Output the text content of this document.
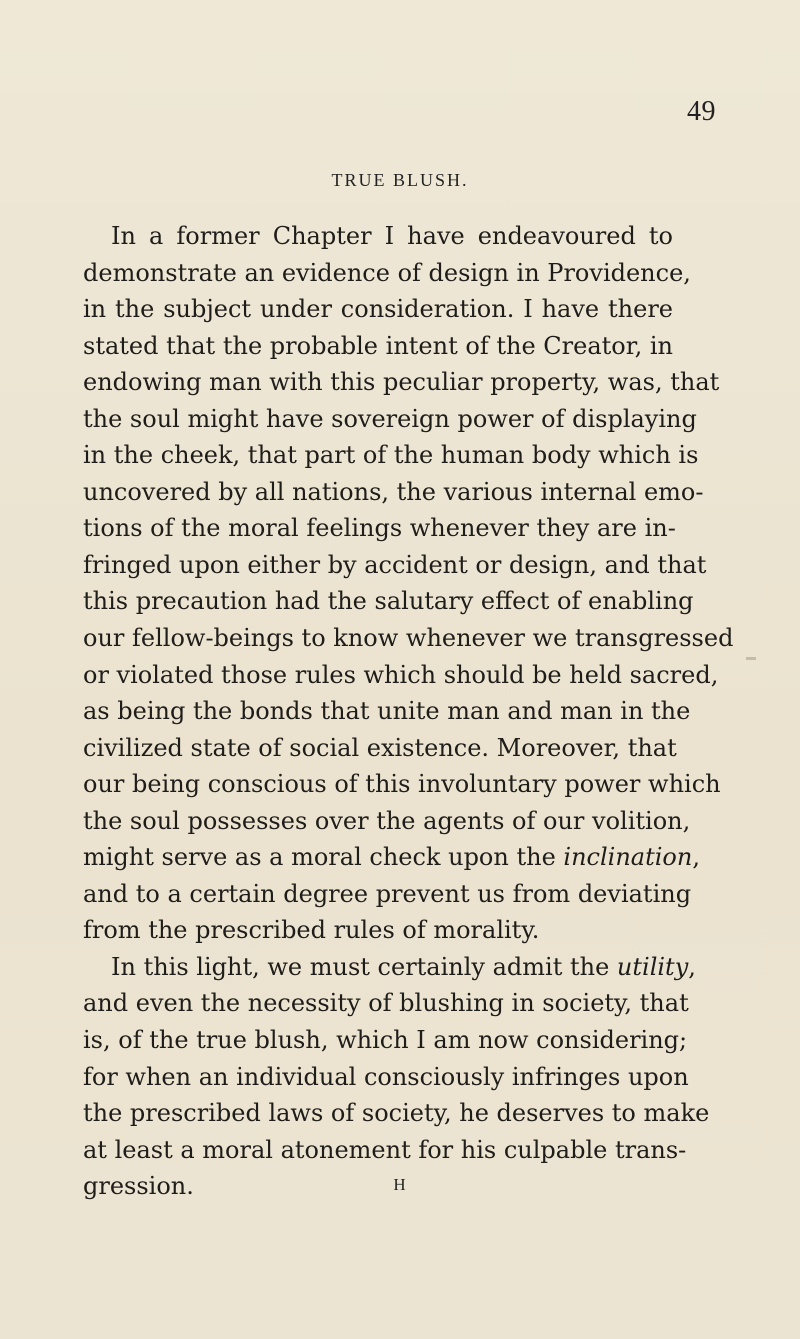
49
TRUE BLUSH.
In a former Chapter I have endeavoured to
demonstrate an evidence of design in Providence,
in the subject under consideration. I have there
stated that the probable intent of the Creator, in
endowing man with this peculiar property, was, that
the soul might have sovereign power of displaying
in the cheek, that part of the human body which is
uncovered by all nations, the various internal emo-
tions of the moral feelings whenever they are in-
fringed upon either by accident or design, and that
this precaution had the salutary effect of enabling
our fellow-beings to know whenever we transgressed
or violated those rules which should be held sacred,
as being the bonds that unite man and man in the
civilized state of social existence. Moreover, that
our being conscious of this involuntary power which
the soul possesses over the agents of our volition,
might serve as a moral check upon the inclination,
and to a certain degree prevent us from deviating
from the prescribed rules of morality.
In this light, we must certainly admit the utility,
and even the necessity of blushing in society, that
is, of the true blush, which I am now considering;
for when an individual consciously infringes upon
the prescribed laws of society, he deserves to make
at least a moral atonement for his culpable trans-
gression.	H
